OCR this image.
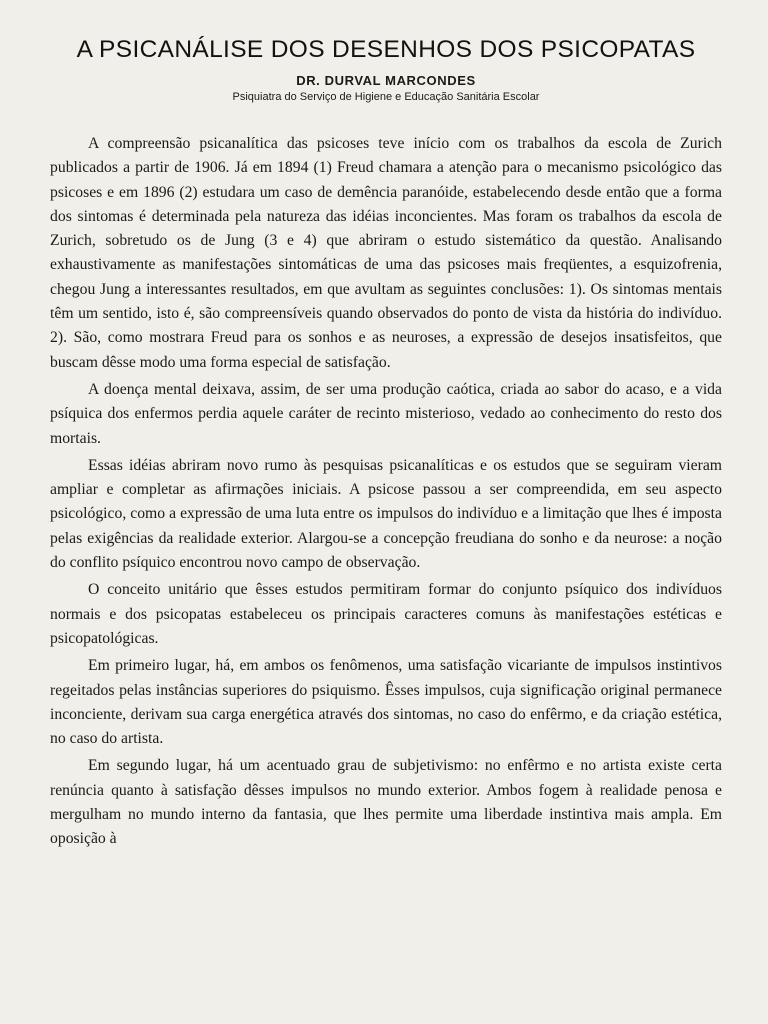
A PSICANÁLISE DOS DESENHOS DOS PSICOPATAS
DR. DURVAL MARCONDES
Psiquiatra do Serviço de Higiene e Educação Sanitária Escolar

A compreensão psicanalítica das psicoses teve início com os trabalhos da escola de Zurich publicados a partir de 1906. Já em 1894 (1) Freud chamara a atenção para o mecanismo psicológico das psicoses e em 1896 (2) estudara um caso de demência paranóide, estabelecendo desde então que a forma dos sintomas é determinada pela natureza das idéias inconcientes. Mas foram os trabalhos da escola de Zurich, sobretudo os de Jung (3 e 4) que abriram o estudo sistemático da questão. Analisando exhaustivamente as manifestações sintomáticas de uma das psicoses mais freqüentes, a esquizofrenia, chegou Jung a interessantes resultados, em que avultam as seguintes conclusões: 1). Os sintomas mentais têm um sentido, isto é, são compreensíveis quando observados do ponto de vista da história do indivíduo. 2). São, como mostrara Freud para os sonhos e as neuroses, a expressão de desejos insatisfeitos, que buscam dêsse modo uma forma especial de satisfação.

A doença mental deixava, assim, de ser uma produção caótica, criada ao sabor do acaso, e a vida psíquica dos enfermos perdia aquele caráter de recinto misterioso, vedado ao conhecimento do resto dos mortais.

Essas idéias abriram novo rumo às pesquisas psicanalíticas e os estudos que se seguiram vieram ampliar e completar as afirmações iniciais. A psicose passou a ser compreendida, em seu aspecto psicológico, como a expressão de uma luta entre os impulsos do indivíduo e a limitação que lhes é imposta pelas exigências da realidade exterior. Alargou-se a concepção freudiana do sonho e da neurose: a noção do conflito psíquico encontrou novo campo de observação.

O conceito unitário que êsses estudos permitiram formar do conjunto psíquico dos indivíduos normais e dos psicopatas estabeleceu os principais caracteres comuns às manifestações estéticas e psicopatológicas.

Em primeiro lugar, há, em ambos os fenômenos, uma satisfação vicariante de impulsos instintivos regeitados pelas instâncias superiores do psiquismo. Êsses impulsos, cuja significação original permanece inconciente, derivam sua carga energética através dos sintomas, no caso do enfêrmo, e da criação estética, no caso do artista.

Em segundo lugar, há um acentuado grau de subjetivismo: no enfêrmo e no artista existe certa renúncia quanto à satisfação dêsses impulsos no mundo exterior. Ambos fogem à realidade penosa e mergulham no mundo interno da fantasia, que lhes permite uma liberdade instintiva mais ampla. Em oposição à
